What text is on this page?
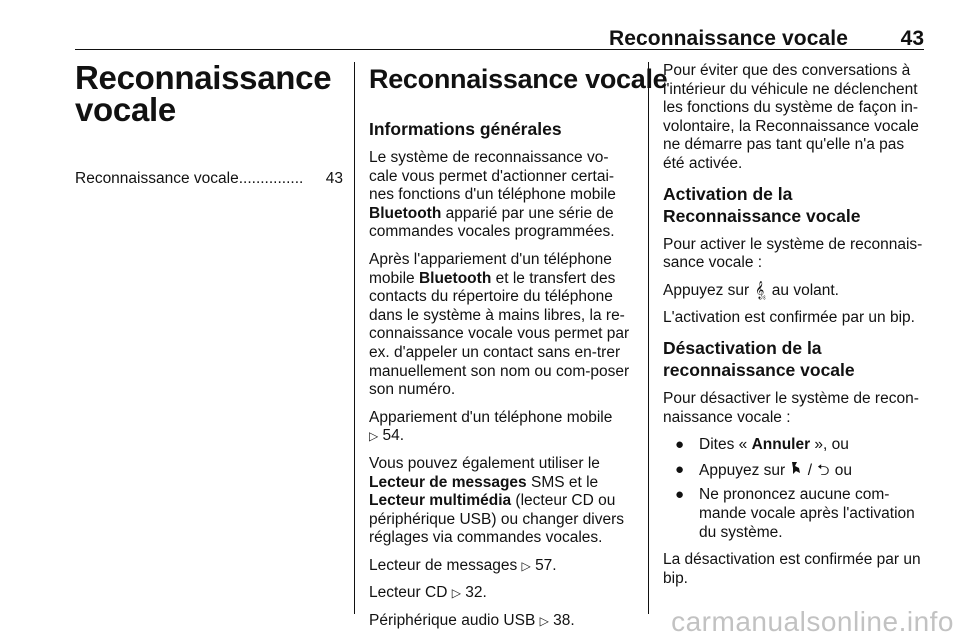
Reconnaissance vocale	43
Reconnaissance
vocale
Reconnaissance vocale ...............	43
Reconnaissance vocale
Informations générales

Le système de reconnaissance vo-cale vous permet d'actionner certai-nes fonctions d'un téléphone mobile Bluetooth apparié par une série de commandes vocales programmées.

Après l'appariement d'un téléphone mobile Bluetooth et le transfert des contacts du répertoire du téléphone dans le système à mains libres, la re-connaissance vocale vous permet par ex. d'appeler un contact sans en-trer manuellement son nom ou com-poser son numéro.

Appariement d'un téléphone mobile
▷ 54.

Vous pouvez également utiliser le
Lecteur de messages SMS et le
Lecteur multimédia (lecteur CD ou périphérique USB) ou changer divers réglages via commandes vocales.

Lecteur de messages ▷ 57.

Lecteur CD ▷ 32.

Périphérique audio USB ▷ 38.

Pour éviter que des conversations à l'intérieur du véhicule ne déclenchent les fonctions du système de façon in-volontaire, la Reconnaissance vocale ne démarre pas tant qu'elle n'a pas été activée.

Activation de la Reconnaissance vocale

Pour activer le système de reconnais-sance vocale :

Appuyez sur 𝄠 au volant.

L'activation est confirmée par un bip.

Désactivation de la
reconnaissance vocale

Pour désactiver le système de recon-naissance vocale :

● Dites « Annuler », ou
● Appuyez sur  / ⮌ ou
● Ne prononcez aucune com-mande vocale après l'activation du système.

La désactivation est confirmée par un bip.

carmanualsonline.info
